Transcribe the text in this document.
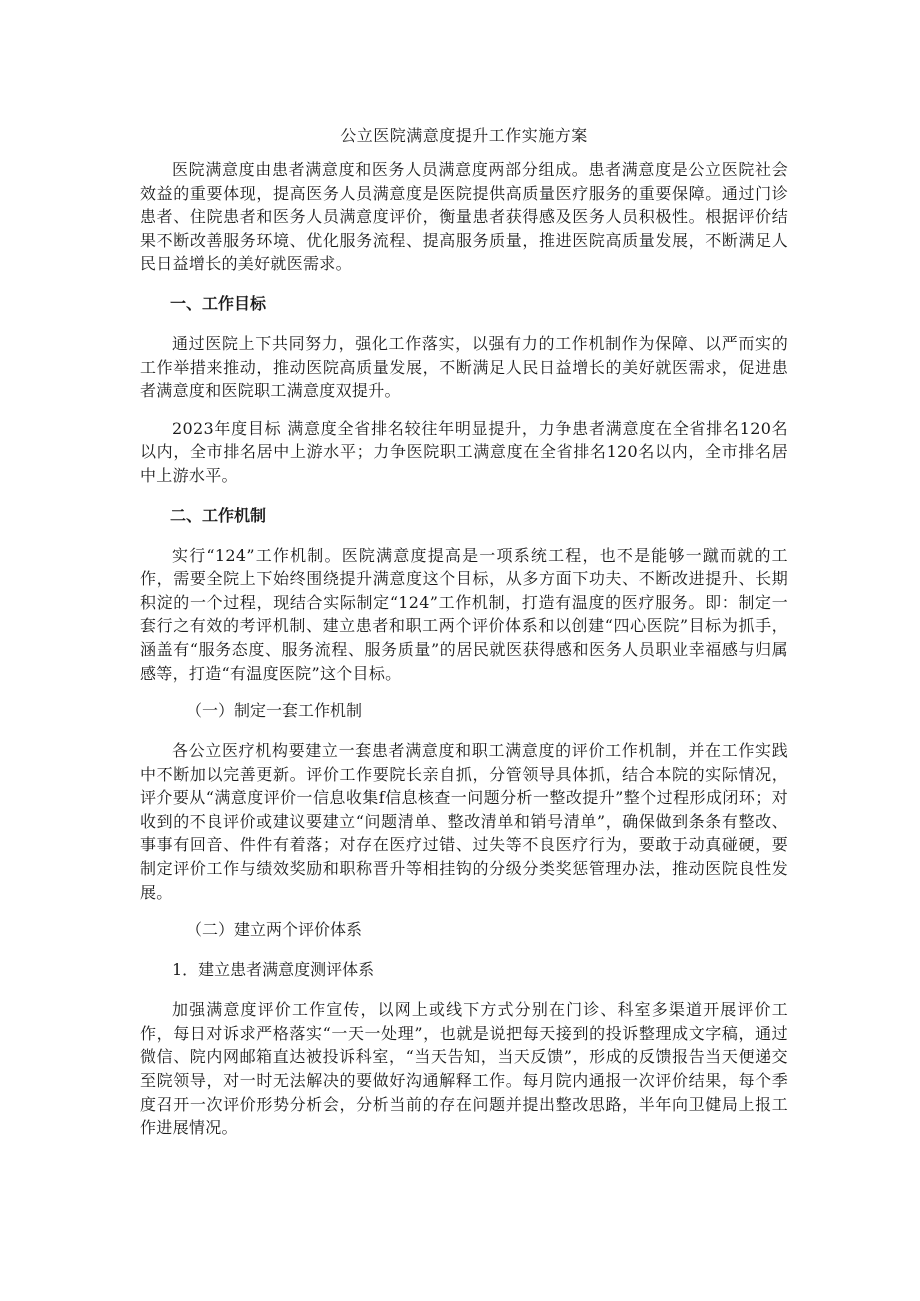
公立医院满意度提升工作实施方案

医院满意度由患者满意度和医务人员满意度两部分组成。患者满意度是公立医院社会效益的重要体现，提高医务人员满意度是医院提供高质量医疗服务的重要保障。通过门诊患者、住院患者和医务人员满意度评价，衡量患者获得感及医务人员积极性。根据评价结果不断改善服务环境、优化服务流程、提高服务质量，推进医院高质量发展，不断满足人民日益增长的美好就医需求。

一、工作目标

通过医院上下共同努力，强化工作落实，以强有力的工作机制作为保障、以严而实的工作举措来推动，推动医院高质量发展，不断满足人民日益增长的美好就医需求，促进患者满意度和医院职工满意度双提升。

2023年度目标 满意度全省排名较往年明显提升，力争患者满意度在全省排名120名以内，全市排名居中上游水平；力争医院职工满意度在全省排名120名以内，全市排名居中上游水平。

二、工作机制

实行“124”工作机制。医院满意度提高是一项系统工程，也不是能够一蹴而就的工作，需要全院上下始终围绕提升满意度这个目标，从多方面下功夫、不断改进提升、长期积淀的一个过程，现结合实际制定“124”工作机制，打造有温度的医疗服务。即：制定一套行之有效的考评机制、建立患者和职工两个评价体系和以创建“四心医院”目标为抓手，涵盖有“服务态度、服务流程、服务质量”的居民就医获得感和医务人员职业幸福感与归属感等，打造“有温度医院”这个目标。

（一）制定一套工作机制

各公立医疗机构要建立一套患者满意度和职工满意度的评价工作机制，并在工作实践中不断加以完善更新。评价工作要院长亲自抓，分管领导具体抓，结合本院的实际情况，评介要从“满意度评价一信息收集f信息核查一问题分析一整改提升”整个过程形成闭环；对收到的不良评价或建议要建立“问题清单、整改清单和销号清单”，确保做到条条有整改、事事有回音、件件有着落；对存在医疗过错、过失等不良医疗行为，要敢于动真碰硬，要制定评价工作与绩效奖励和职称晋升等相挂钩的分级分类奖惩管理办法，推动医院良性发展。

（二）建立两个评价体系
1．建立患者满意度测评体系

加强满意度评价工作宣传，以网上或线下方式分别在门诊、科室多渠道开展评价工作，每日对诉求严格落实“一天一处理”，也就是说把每天接到的投诉整理成文字稿，通过微信、院内网邮箱直达被投诉科室，“当天告知，当天反馈”，形成的反馈报告当天便递交至院领导，对一时无法解决的要做好沟通解释工作。每月院内通报一次评价结果，每个季度召开一次评价形势分析会，分析当前的存在问题并提出整改思路，半年向卫健局上报工作进展情况。
